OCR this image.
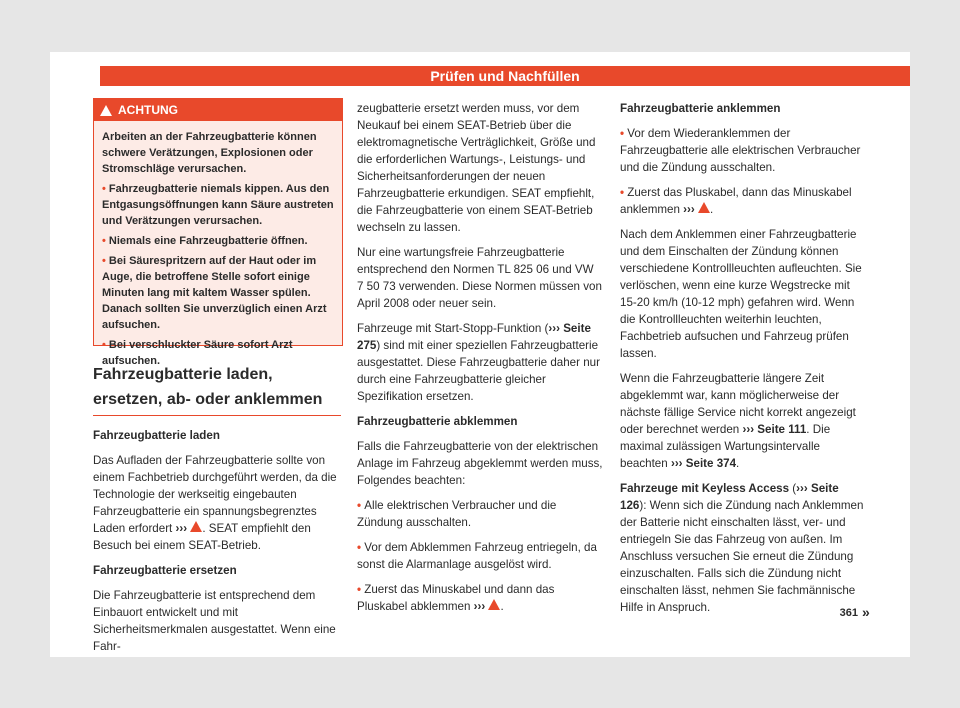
Prüfen und Nachfüllen
ACHTUNG

Arbeiten an der Fahrzeugbatterie können schwere Verätzungen, Explosionen oder Stromschläge verursachen.

• Fahrzeugbatterie niemals kippen. Aus den Entgasungsöffnungen kann Säure austreten und Verätzungen verursachen.

• Niemals eine Fahrzeugbatterie öffnen.

• Bei Säurespritzern auf der Haut oder im Auge, die betroffene Stelle sofort einige Minuten lang mit kaltem Wasser spülen. Danach sollten Sie unverzüglich einen Arzt aufsuchen.

• Bei verschluckter Säure sofort Arzt aufsuchen.

Fahrzeugbatterie laden, ersetzen, ab- oder anklemmen

Fahrzeugbatterie laden

Das Aufladen der Fahrzeugbatterie sollte von einem Fachbetrieb durchgeführt werden, da die Technologie der werkseitig eingebauten Fahrzeugbatterie ein spannungsbegrenztes Laden erfordert ››› . SEAT empfiehlt den Besuch bei einem SEAT-Betrieb.

Fahrzeugbatterie ersetzen

Die Fahrzeugbatterie ist entsprechend dem Einbauort entwickelt und mit Sicherheitsmerkmalen ausgestattet. Wenn eine Fahr-

zeugbatterie ersetzt werden muss, vor dem Neukauf bei einem SEAT-Betrieb über die elektromagnetische Verträglichkeit, Größe und die erforderlichen Wartungs-, Leistungs- und Sicherheitsanforderungen der neuen Fahrzeugbatterie erkundigen. SEAT empfiehlt, die Fahrzeugbatterie von einem SEAT-Betrieb wechseln zu lassen.

Nur eine wartungsfreie Fahrzeugbatterie entsprechend den Normen TL 825 06 und VW 7 50 73 verwenden. Diese Normen müssen von April 2008 oder neuer sein.

Fahrzeuge mit Start-Stopp-Funktion (››› Seite 275) sind mit einer speziellen Fahrzeugbatterie ausgestattet. Diese Fahrzeugbatterie daher nur durch eine Fahrzeugbatterie gleicher Spezifikation ersetzen.

Fahrzeugbatterie abklemmen

Falls die Fahrzeugbatterie von der elektrischen Anlage im Fahrzeug abgeklemmt werden muss, Folgendes beachten:

• Alle elektrischen Verbraucher und die Zündung ausschalten.

• Vor dem Abklemmen Fahrzeug entriegeln, da sonst die Alarmanlage ausgelöst wird.

• Zuerst das Minuskabel und dann das Pluskabel abklemmen ››› .

Fahrzeugbatterie anklemmen

• Vor dem Wiederanklemmen der Fahrzeugbatterie alle elektrischen Verbraucher und die Zündung ausschalten.

• Zuerst das Pluskabel, dann das Minuskabel anklemmen ››› .

Nach dem Anklemmen einer Fahrzeugbatterie und dem Einschalten der Zündung können verschiedene Kontrollleuchten aufleuchten. Sie verlöschen, wenn eine kurze Wegstrecke mit 15-20 km/h (10-12 mph) gefahren wird. Wenn die Kontrollleuchten weiterhin leuchten, Fachbetrieb aufsuchen und Fahrzeug prüfen lassen.

Wenn die Fahrzeugbatterie längere Zeit abgeklemmt war, kann möglicherweise der nächste fällige Service nicht korrekt angezeigt oder berechnet werden ››› Seite 111. Die maximal zulässigen Wartungsintervalle beachten ››› Seite 374.

Fahrzeuge mit Keyless Access (››› Seite 126): Wenn sich die Zündung nach Anklemmen der Batterie nicht einschalten lässt, ver- und entriegeln Sie das Fahrzeug von außen. Im Anschluss versuchen Sie erneut die Zündung einzuschalten. Falls sich die Zündung nicht einschalten lässt, nehmen Sie fachmännische Hilfe in Anspruch.	»
361
